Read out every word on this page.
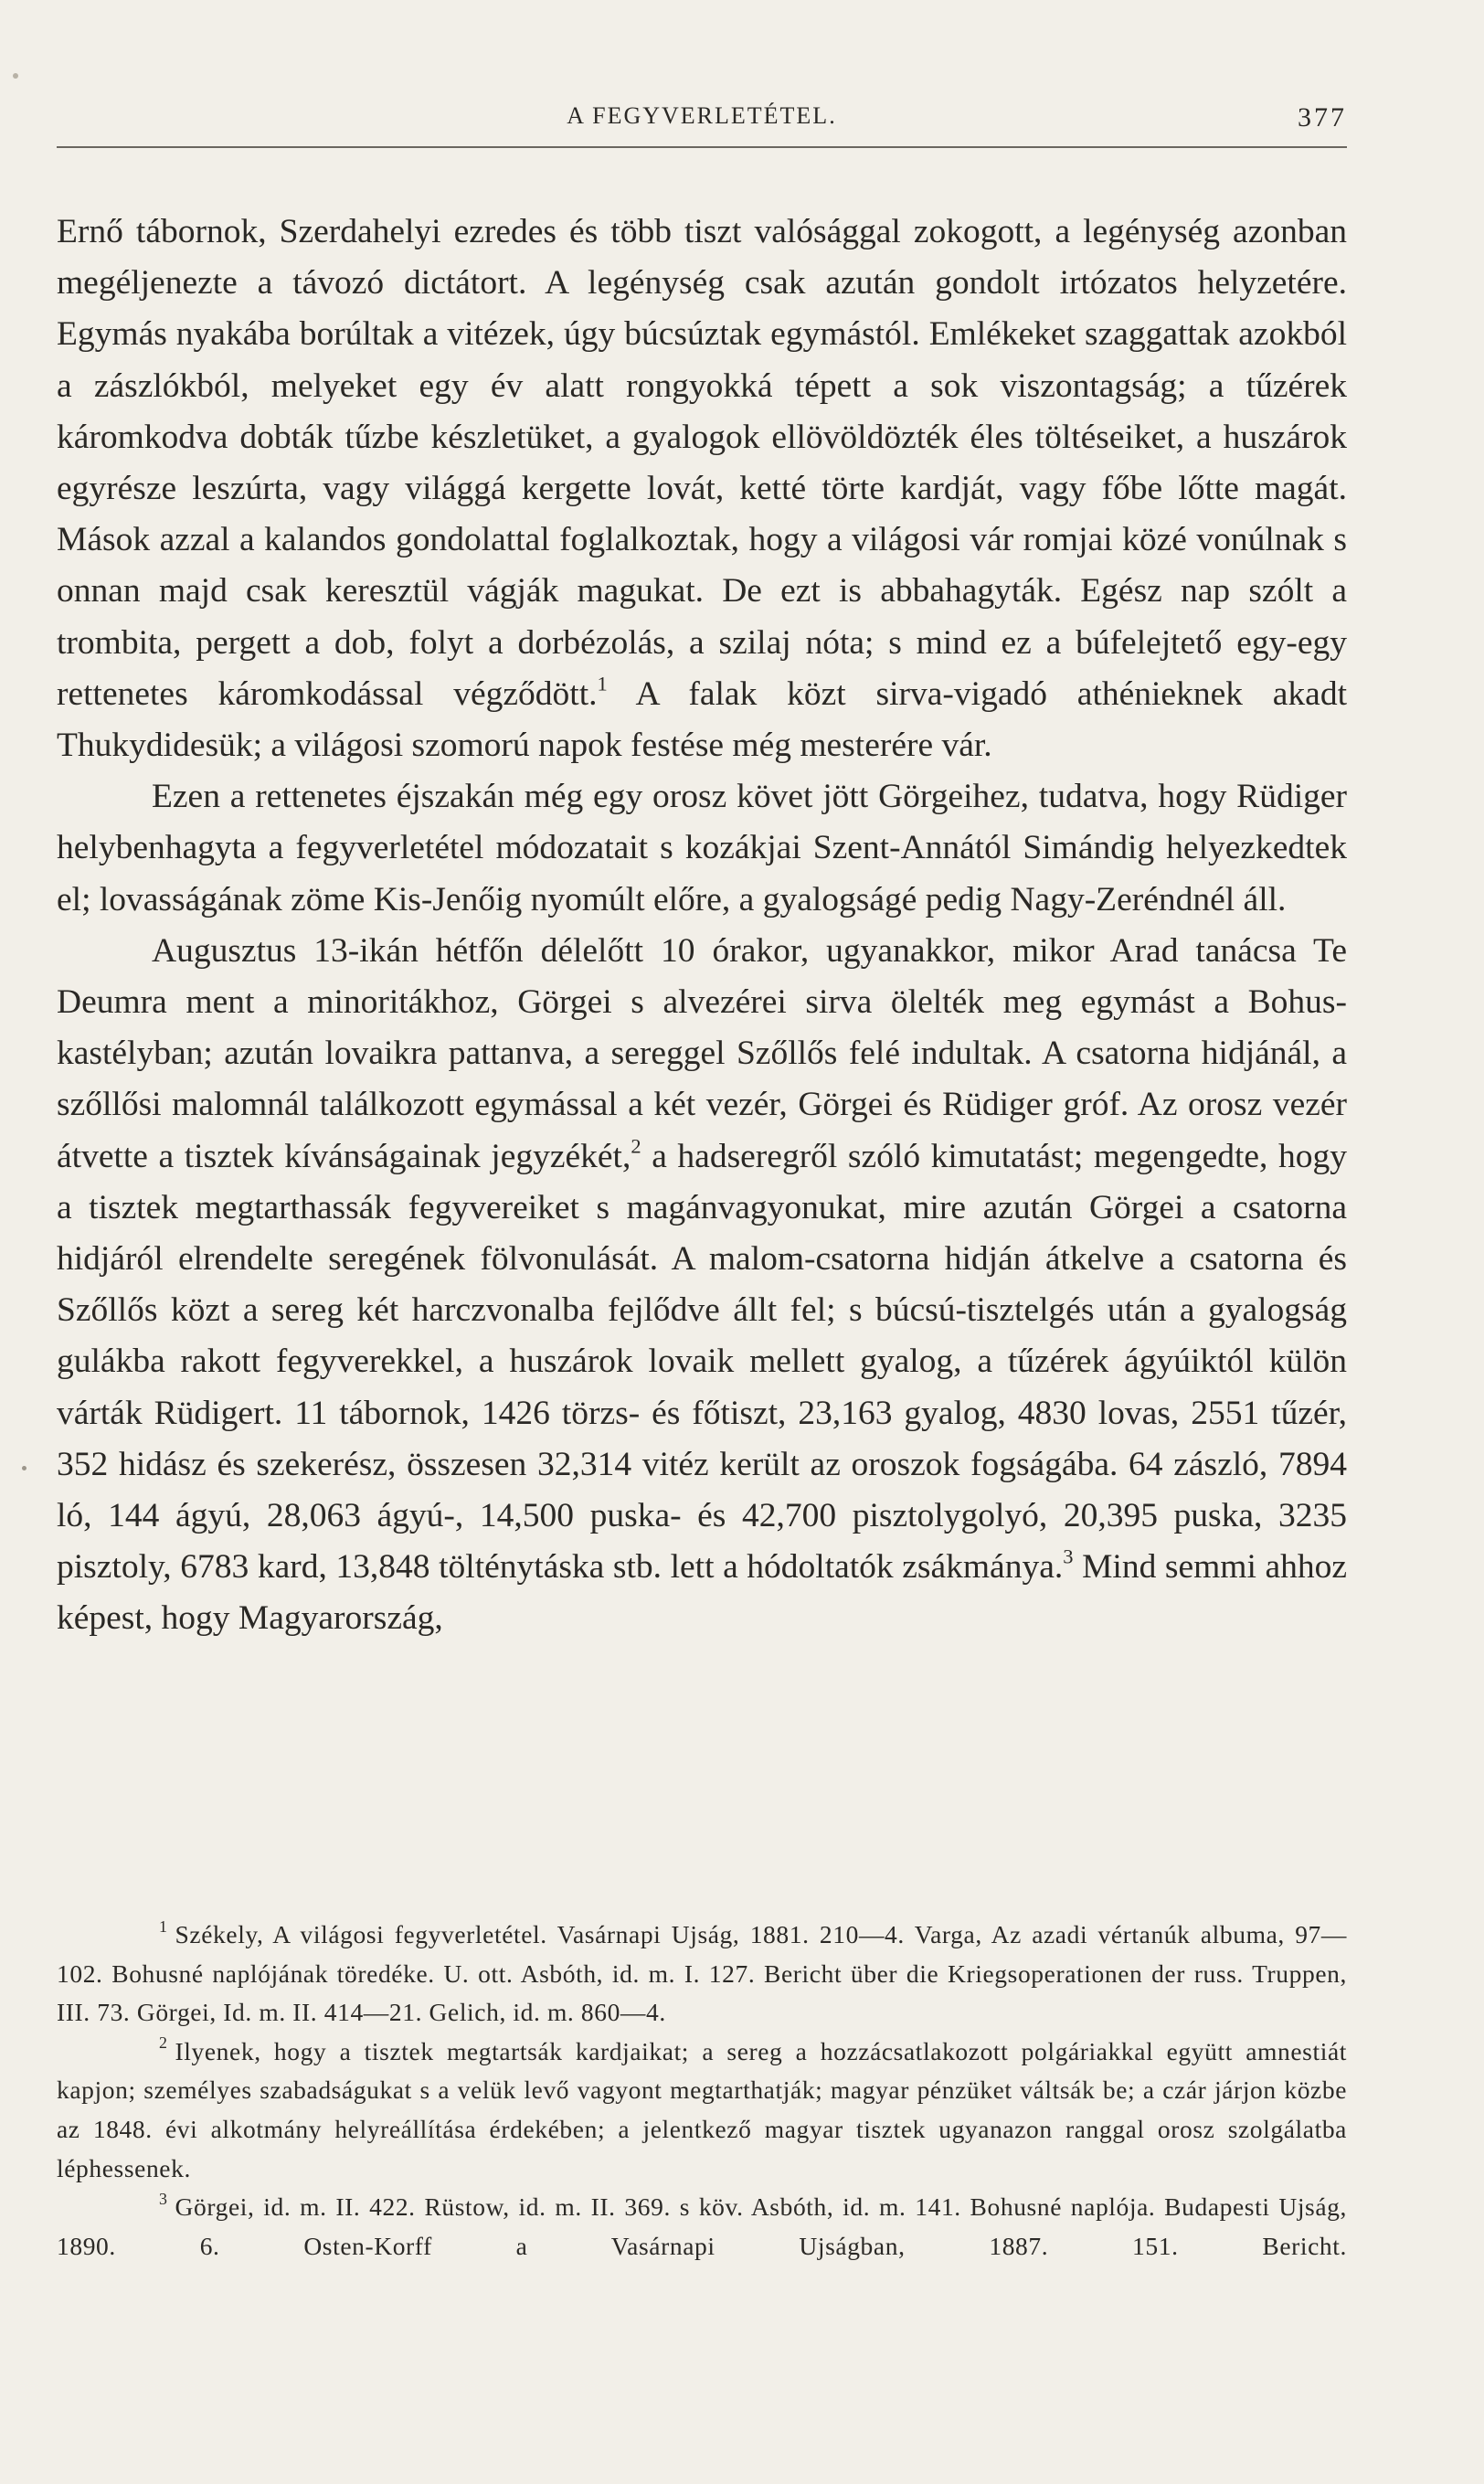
A FEGYVERLETÉTEL.	377

Ernő tábornok, Szerdahelyi ezredes és több tiszt valósággal zokogott, a legénység azonban megéljenezte a távozó dictátort. A legénység csak azután gondolt irtózatos helyzetére. Egymás nyakába borúltak a vitézek, úgy búcsúztak egymástól. Emlékeket szaggattak azokból a zászlókból, melyeket egy év alatt rongyokká tépett a sok viszontagság; a tűzérek káromkodva dobták tűzbe készletüket, a gyalogok ellövöldözték éles töltéseiket, a huszárok egyrésze leszúrta, vagy világgá kergette lovát, ketté törte kardját, vagy főbe lőtte magát. Mások azzal a kalandos gondolattal foglalkoztak, hogy a világosi vár romjai közé vonúlnak s onnan majd csak keresztül vágják magukat. De ezt is abbahagyták. Egész nap szólt a trombita, pergett a dob, folyt a dorbézolás, a szilaj nóta; s mind ez a búfelejtető egy-egy rettenetes káromkodással végződött.$^1$ A falak közt sirva-vigadó athénieknek akadt Thukydidesük; a világosi szomorú napok festése még mesterére vár.

Ezen a rettenetes éjszakán még egy orosz követ jött Görgeihez, tudatva, hogy Rüdiger helybenhagyta a fegyverletétel módozatait s kozákjai Szent-Annától Simándig helyezkedtek el; lovasságának zöme Kis-Jenőig nyomúlt előre, a gyalogságé pedig Nagy-Zeréndnél áll.

Augusztus 13-ikán hétfőn délelőtt 10 órakor, ugyanakkor, mikor Arad tanácsa Te Deumra ment a minoritákhoz, Görgei s alvezérei sirva ölelték meg egymást a Bohus-kastélyban; azután lovaikra pattanva, a sereggel Szőllős felé indultak. A csatorna hidjánál, a szőllősi malomnál találkozott egymással a két vezér, Görgei és Rüdiger gróf. Az orosz vezér átvette a tisztek kívánságainak jegyzékét,$^2$ a hadseregről szóló kimutatást; megengedte, hogy a tisztek megtarthassák fegyvereiket s magánvagyonukat, mire azután Görgei a csatorna hidjáról elrendelte seregének fölvonulását. A malom-csatorna hidján átkelve a csatorna és Szőllős közt a sereg két harczvonalba fejlődve állt fel; s búcsú-tisztelgés után a gyalogság gulákba rakott fegyverekkel, a huszárok lovaik mellett gyalog, a tűzérek ágyúiktól külön várták Rüdigert. 11 tábornok, 1426 törzs- és főtiszt, 23,163 gyalog, 4830 lovas, 2551 tűzér, 352 hidász és szekerész, összesen 32,314 vitéz került az oroszok fogságába. 64 zászló, 7894 ló, 144 ágyú, 28,063 ágyú-, 14,500 puska- és 42,700 pisztolygolyó, 20,395 puska, 3235 pisztoly, 6783 kard, 13,848 tölténytáska stb. lett a hódoltatók zsákmánya.$^3$ Mind semmi ahhoz képest, hogy Magyarország,

$^1$ Székely, A világosi fegyverletétel. Vasárnapi Ujság, 1881. 210—4. Varga, Az azadi vértanúk albuma, 97—102. Bohusné naplójának töredéke. U. ott. Asbóth, id. m. I. 127. Bericht über die Kriegsoperationen der russ. Truppen, III. 73. Görgei, Id. m. II. 414—21. Gelich, id. m. 860—4.

$^2$ Ilyenek, hogy a tisztek megtartsák kardjaikat; a sereg a hozzácsatlakozott polgáriakkal együtt amnestiát kapjon; személyes szabadságukat s a velük levő vagyont megtarthatják; magyar pénzüket váltsák be; a czár járjon közbe az 1848. évi alkotmány helyreállítása érdekében; a jelentkező magyar tisztek ugyanazon ranggal orosz szolgálatba léphessenek.

$^3$ Görgei, id. m. II. 422. Rüstow, id. m. II. 369. s köv. Asbóth, id. m. 141. Bohusné naplója. Budapesti Ujság, 1890. 6. Osten-Korff a Vasárnapi Ujságban, 1887. 151. Bericht.
